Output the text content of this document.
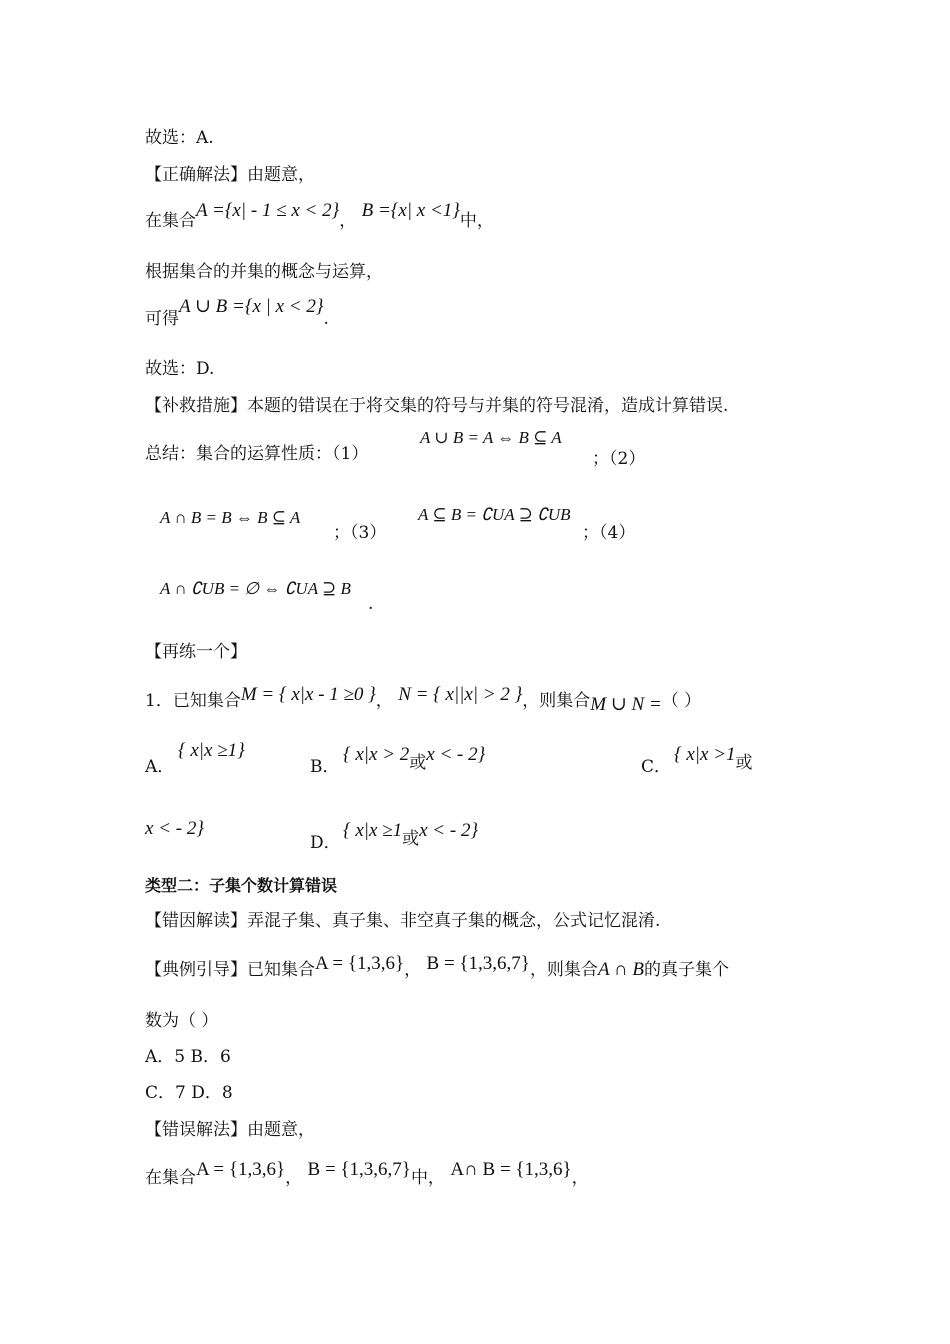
故选：A.
【正确解法】由题意，
在集合A ={x| - 1 ≤ x < 2}， B ={x| x <1}中，
根据集合的并集的概念与运算，
可得A ∪ B ={x | x < 2}.
故选：D.
【补救措施】本题的错误在于将交集的符号与并集的符号混淆，造成计算错误.
总结：集合的运算性质：（1）
A ∪ B = A ⇔ B ⊆ A
；（2）
A ∩ B = B ⇔ B ⊆ A
；（3）
A ⊆ B = ∁UA ⊇ ∁UB
；（4）
A ∩ ∁UB = ∅ ⇔ ∁UA ⊇ B
.
【再练一个】
1．已知集合M = { x|x - 1 ≥0 }， N = { x||x| > 2 }，则集合M ∪ N =（ ）
A．
{ x|x ≥1}
B．
{ x|x > 2或x < - 2}
C．
{ x|x >1或
x < - 2}
D．
{ x|x ≥1或x < - 2}
类型二：子集个数计算错误
【错因解读】弄混子集、真子集、非空真子集的概念，公式记忆混淆.
【典例引导】已知集合A = {1,3,6}， B = {1,3,6,7}，则集合A ∩ B的真子集个
数为（ ）
A．5 B．6
C．7 D．8
【错误解法】由题意，
在集合A = {1,3,6}， B = {1,3,6,7}中， A∩ B = {1,3,6}，
